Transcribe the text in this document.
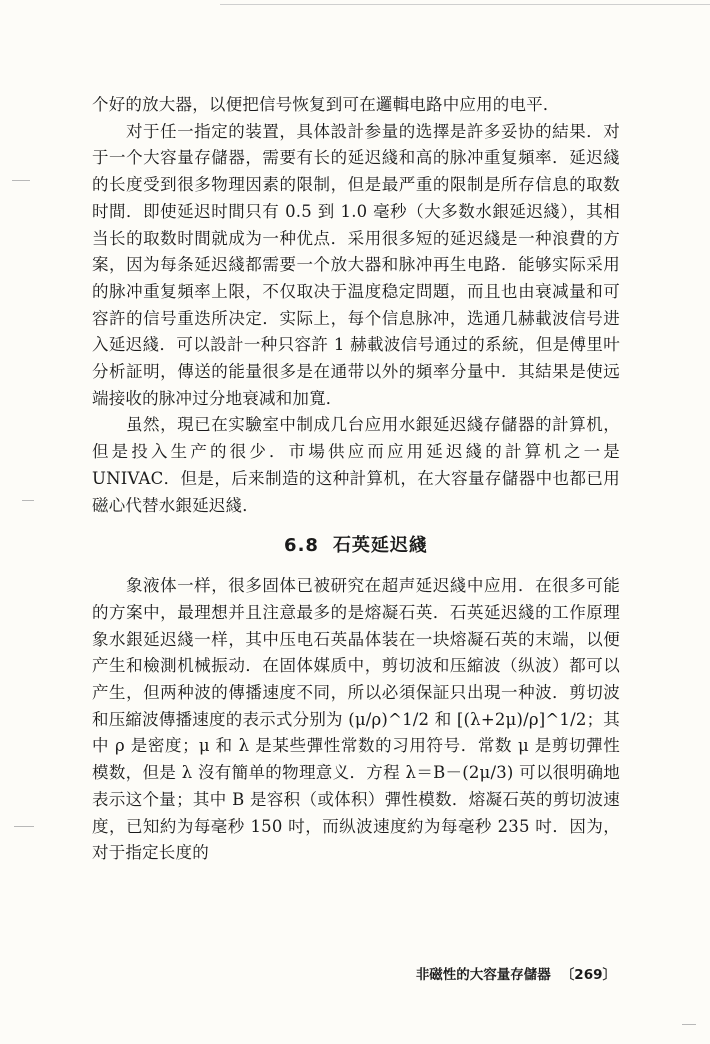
个好的放大器，以便把信号恢复到可在邏輯电路中应用的电平．

对于任一指定的装置，具体設計参量的选擇是許多妥协的結果．对于一个大容量存儲器，需要有长的延迟綫和高的脉冲重复頻率．延迟綫的长度受到很多物理因素的限制，但是最严重的限制是所存信息的取数时間．即使延迟时間只有 0.5 到 1.0 毫秒（大多数水銀延迟綫），其相当长的取数时間就成为一种优点．采用很多短的延迟綫是一种浪費的方案，因为每条延迟綫都需要一个放大器和脉冲再生电路．能够实际采用的脉冲重复頻率上限，不仅取决于温度稳定問題，而且也由衰减量和可容許的信号重迭所决定．实际上，每个信息脉冲，选通几赫載波信号进入延迟綫．可以設計一种只容許 1 赫載波信号通过的系統，但是傅里叶分析証明，傳送的能量很多是在通带以外的頻率分量中．其結果是使远端接收的脉冲过分地衰减和加寬．

虽然，現已在实驗室中制成几台应用水銀延迟綫存儲器的計算机，但是投入生产的很少．市場供应而应用延迟綫的計算机之一是 UNIVAC．但是，后来制造的这种計算机，在大容量存儲器中也都已用磁心代替水銀延迟綫．

6.8 石英延迟綫

象液体一样，很多固体已被研究在超声延迟綫中应用．在很多可能的方案中，最理想并且注意最多的是熔凝石英．石英延迟綫的工作原理象水銀延迟綫一样，其中压电石英晶体装在一块熔凝石英的末端，以便产生和檢測机械振动．在固体媒质中，剪切波和压縮波（纵波）都可以产生，但两种波的傳播速度不同，所以必須保証只出現一种波．剪切波和压縮波傳播速度的表示式分别为 (μ/ρ)^1/2 和 [(λ+2μ)/ρ]^1/2；其中 ρ 是密度；μ 和 λ 是某些彈性常数的习用符号．常数 μ 是剪切彈性模数，但是 λ 沒有簡单的物理意义．方程 λ＝B－(2μ/3) 可以很明确地表示这个量；其中 B 是容积（或体积）彈性模数．熔凝石英的剪切波速度，已知約为每毫秒 150 吋，而纵波速度約为每毫秒 235 吋．因为，对于指定长度的

非磁性的大容量存儲器 〔269〕
